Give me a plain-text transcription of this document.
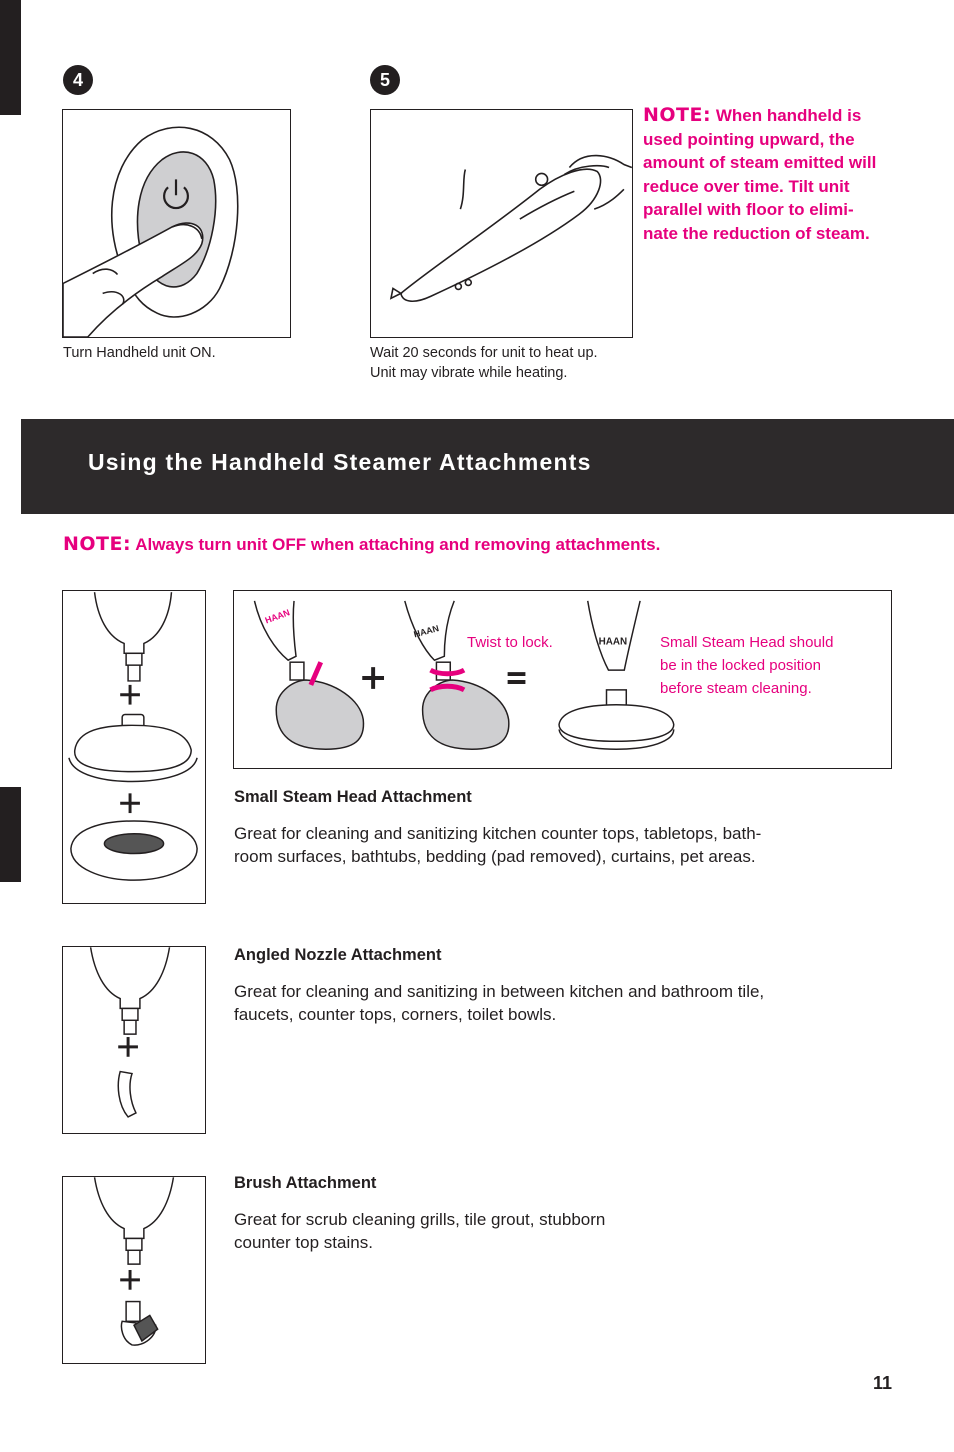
4
Turn Handheld unit ON.
5
Wait 20 seconds for unit to heat up.
Unit may vibrate while heating.
NOTE: When handheld is
used pointing upward, the
amount of steam emitted will
reduce over time. Tilt unit
parallel with floor to elimi-
nate the reduction of steam.
Using the Handheld Steamer Attachments
NOTE: Always turn unit OFF when attaching and removing attachments.
HAAN
HAAN
HAAN
Twist to lock.	Small Steam Head should
be in the locked position
before steam cleaning.
Small Steam Head Attachment
Great for cleaning and sanitizing kitchen counter tops, tabletops, bath-
room surfaces, bathtubs, bedding (pad removed), curtains, pet areas.
Angled Nozzle Attachment
Great for cleaning and sanitizing in between kitchen and bathroom tile,
faucets, counter tops, corners, toilet bowls.
Brush Attachment
Great for scrub cleaning grills, tile grout, stubborn
counter top stains.
11
